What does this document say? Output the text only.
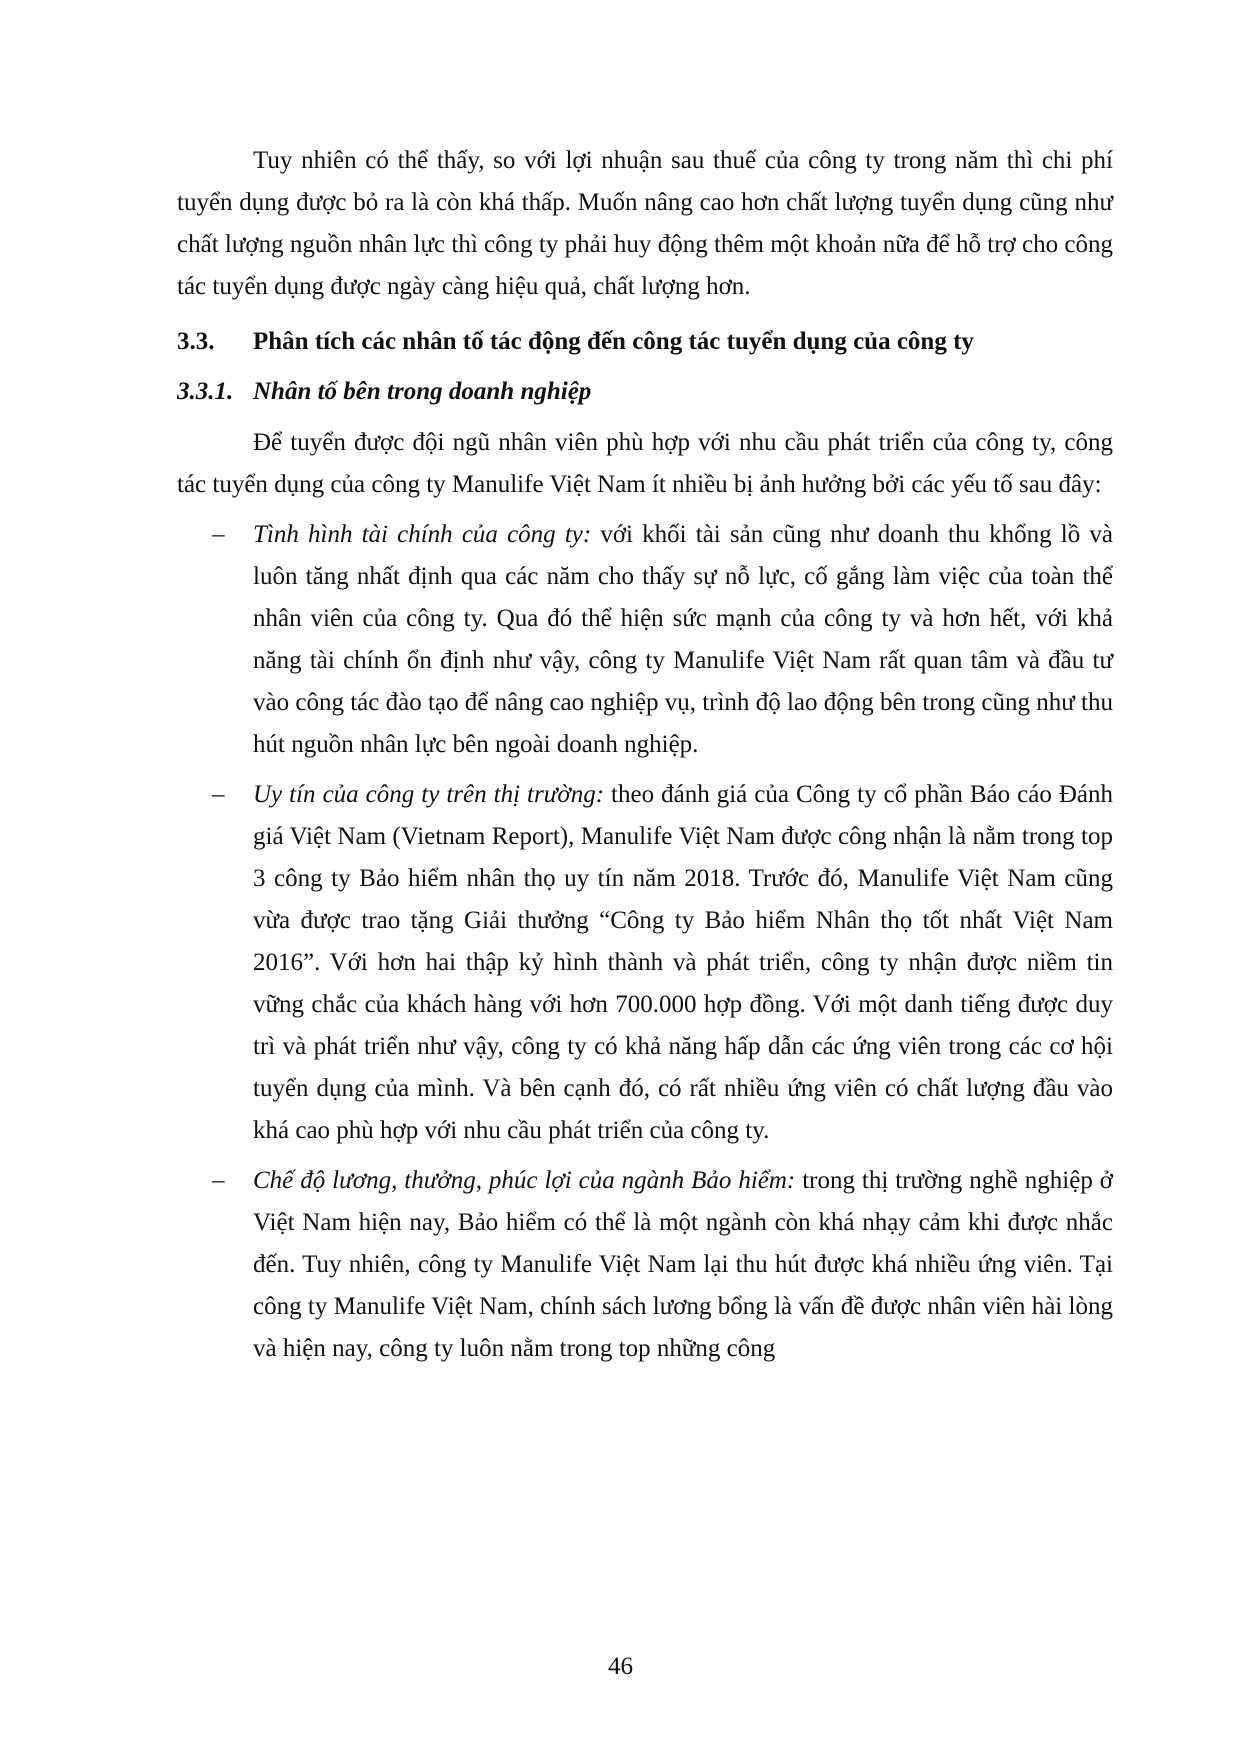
Tuy nhiên có thể thấy, so với lợi nhuận sau thuế của công ty trong năm thì chi phí tuyển dụng được bỏ ra là còn khá thấp. Muốn nâng cao hơn chất lượng tuyển dụng cũng như chất lượng nguồn nhân lực thì công ty phải huy động thêm một khoản nữa để hỗ trợ cho công tác tuyển dụng được ngày càng hiệu quả, chất lượng hơn.

3.3.	Phân tích các nhân tố tác động đến công tác tuyển dụng của công ty
3.3.1. Nhân tố bên trong doanh nghiệp

Để tuyển được đội ngũ nhân viên phù hợp với nhu cầu phát triển của công ty, công tác tuyển dụng của công ty Manulife Việt Nam ít nhiều bị ảnh hưởng bởi các yếu tố sau đây:

– Tình hình tài chính của công ty: với khối tài sản cũng như doanh thu khổng lồ và luôn tăng nhất định qua các năm cho thấy sự nỗ lực, cố gắng làm việc của toàn thể nhân viên của công ty. Qua đó thể hiện sức mạnh của công ty và hơn hết, với khả năng tài chính ổn định như vậy, công ty Manulife Việt Nam rất quan tâm và đầu tư vào công tác đào tạo để nâng cao nghiệp vụ, trình độ lao động bên trong cũng như thu hút nguồn nhân lực bên ngoài doanh nghiệp.
– Uy tín của công ty trên thị trường: theo đánh giá của Công ty cổ phần Báo cáo Đánh giá Việt Nam (Vietnam Report), Manulife Việt Nam được công nhận là nằm trong top 3 công ty Bảo hiểm nhân thọ uy tín năm 2018. Trước đó, Manulife Việt Nam cũng vừa được trao tặng Giải thưởng “Công ty Bảo hiểm Nhân thọ tốt nhất Việt Nam 2016”. Với hơn hai thập kỷ hình thành và phát triển, công ty nhận được niềm tin vững chắc của khách hàng với hơn 700.000 hợp đồng. Với một danh tiếng được duy trì và phát triển như vậy, công ty có khả năng hấp dẫn các ứng viên trong các cơ hội tuyển dụng của mình. Và bên cạnh đó, có rất nhiều ứng viên có chất lượng đầu vào khá cao phù hợp với nhu cầu phát triển của công ty.
– Chế độ lương, thưởng, phúc lợi của ngành Bảo hiểm: trong thị trường nghề nghiệp ở Việt Nam hiện nay, Bảo hiểm có thể là một ngành còn khá nhạy cảm khi được nhắc đến. Tuy nhiên, công ty Manulife Việt Nam lại thu hút được khá nhiều ứng viên. Tại công ty Manulife Việt Nam, chính sách lương bổng là vấn đề được nhân viên hài lòng và hiện nay, công ty luôn nằm trong top những công
46
